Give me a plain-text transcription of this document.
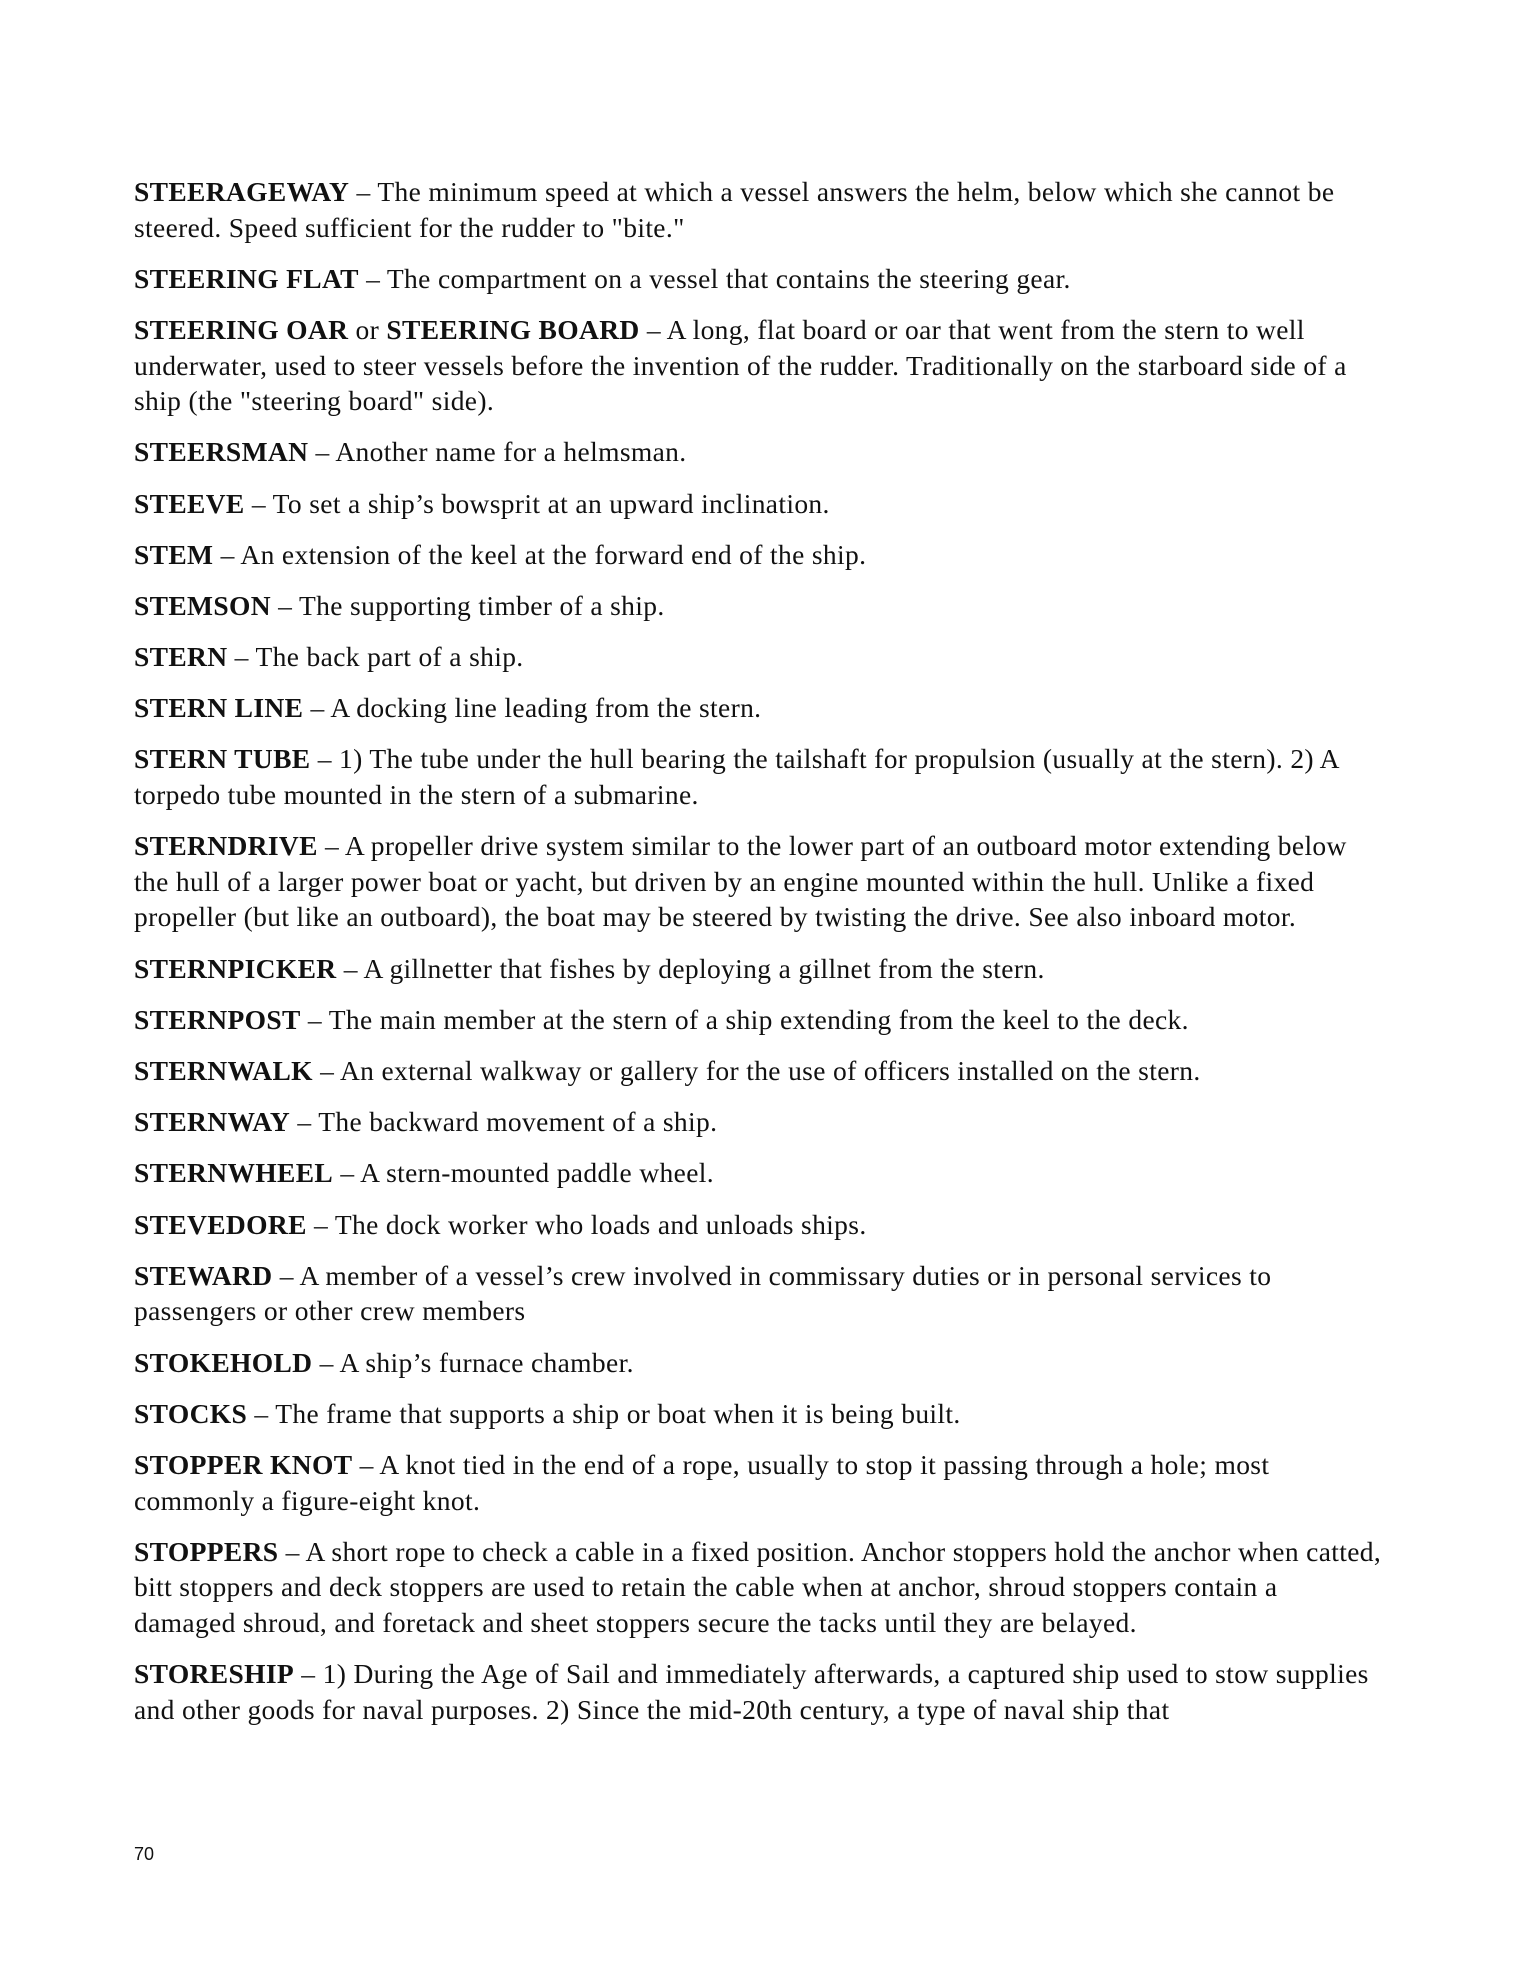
STEERAGEWAY – The minimum speed at which a vessel answers the helm, below which she cannot be steered. Speed sufficient for the rudder to "bite."

STEERING FLAT – The compartment on a vessel that contains the steering gear.

STEERING OAR or STEERING BOARD – A long, flat board or oar that went from the stern to well underwater, used to steer vessels before the invention of the rudder. Traditionally on the starboard side of a ship (the "steering board" side).

STEERSMAN – Another name for a helmsman.

STEEVE – To set a ship’s bowsprit at an upward inclination.

STEM – An extension of the keel at the forward end of the ship.

STEMSON – The supporting timber of a ship.

STERN – The back part of a ship.

STERN LINE – A docking line leading from the stern.

STERN TUBE – 1) The tube under the hull bearing the tailshaft for propulsion (usually at the stern). 2) A torpedo tube mounted in the stern of a submarine.

STERNDRIVE – A propeller drive system similar to the lower part of an outboard motor extending below the hull of a larger power boat or yacht, but driven by an engine mounted within the hull. Unlike a fixed propeller (but like an outboard), the boat may be steered by twisting the drive. See also inboard motor.

STERNPICKER – A gillnetter that fishes by deploying a gillnet from the stern.

STERNPOST – The main member at the stern of a ship extending from the keel to the deck.

STERNWALK – An external walkway or gallery for the use of officers installed on the stern.

STERNWAY – The backward movement of a ship.

STERNWHEEL – A stern-mounted paddle wheel.

STEVEDORE – The dock worker who loads and unloads ships.

STEWARD – A member of a vessel’s crew involved in commissary duties or in personal services to passengers or other crew members

STOKEHOLD – A ship’s furnace chamber.

STOCKS – The frame that supports a ship or boat when it is being built.

STOPPER KNOT – A knot tied in the end of a rope, usually to stop it passing through a hole; most commonly a figure-eight knot.

STOPPERS – A short rope to check a cable in a fixed position. Anchor stoppers hold the anchor when catted, bitt stoppers and deck stoppers are used to retain the cable when at anchor, shroud stoppers contain a damaged shroud, and foretack and sheet stoppers secure the tacks until they are belayed.

STORESHIP – 1) During the Age of Sail and immediately afterwards, a captured ship used to stow supplies and other goods for naval purposes. 2) Since the mid-20th century, a type of naval ship that

70
